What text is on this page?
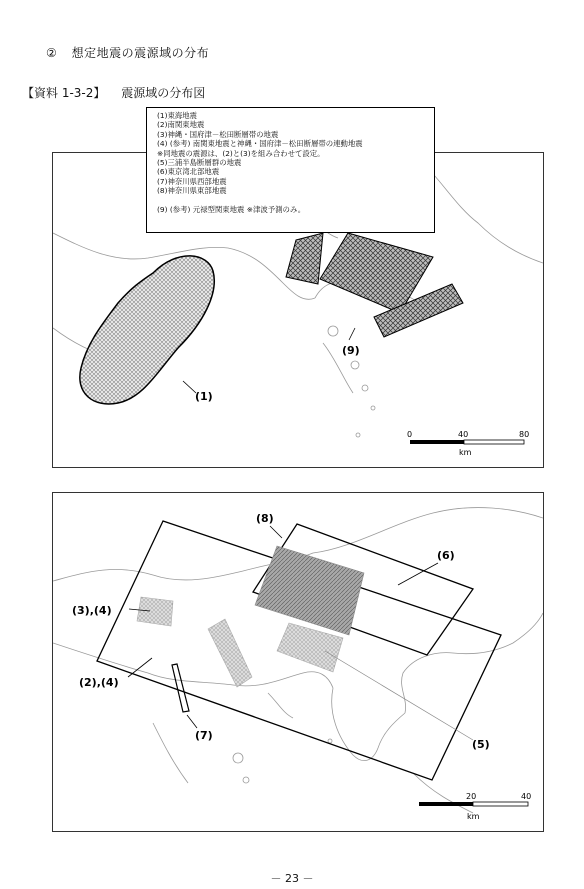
② 想定地震の震源域の分布
【資料 1-3-2】 震源域の分布図
(1)東海地震
(2)南関東地震
(3)神縄・国府津－松田断層帯の地震
(4) (参考) 南関東地震と神縄・国府津－松田断層帯の連動地震
※同地震の震源は、(2)と(3)を組み合わせて設定。
(5)三浦半島断層群の地震
(6)東京湾北部地震
(7)神奈川県西部地震
(8)神奈川県東部地震
(9) (参考) 元禄型関東地震 ※津波予測のみ。
(1)
(9)
0	40	80
km
(8)
(6)
(3),(4)
(2),(4)
(7)
(5)
20	40
km
－ 23 －
